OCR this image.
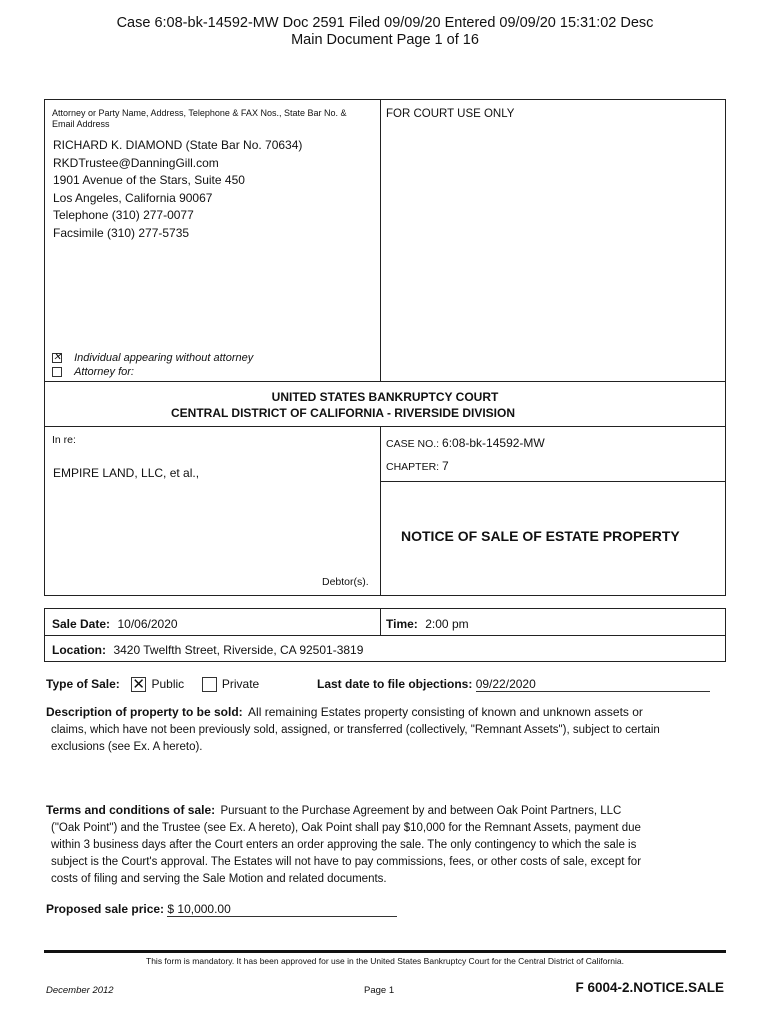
Case 6:08-bk-14592-MW Doc 2591 Filed 09/09/20 Entered 09/09/20 15:31:02 Desc
Main Document Page 1 of 16
Attorney or Party Name, Address, Telephone & FAX Nos., State Bar No. & Email Address
RICHARD K. DIAMOND (State Bar No. 70634)
RKDTrustee@DanningGill.com
1901 Avenue of the Stars, Suite 450
Los Angeles, California 90067
Telephone (310) 277-0077
Facsimile (310) 277-5735
✕ Individual appearing without attorney
Attorney for:
FOR COURT USE ONLY
UNITED STATES BANKRUPTCY COURT
CENTRAL DISTRICT OF CALIFORNIA - RIVERSIDE DIVISION
In re:
EMPIRE LAND, LLC, et al.,
Debtor(s).
CASE NO.: 6:08-bk-14592-MW
CHAPTER: 7
NOTICE OF SALE OF ESTATE PROPERTY
Sale Date: 10/06/2020	Time: 2:00 pm
Location: 3420 Twelfth Street, Riverside, CA 92501-3819
Type of Sale: ✕ Public	Private	Last date to file objections: 09/22/2020
Description of property to be sold: All remaining Estates property consisting of known and unknown assets or
claims, which have not been previously sold, assigned, or transferred (collectively, "Remnant Assets"), subject to certain
exclusions (see Ex. A hereto).
Terms and conditions of sale: Pursuant to the Purchase Agreement by and between Oak Point Partners, LLC
("Oak Point") and the Trustee (see Ex. A hereto), Oak Point shall pay $10,000 for the Remnant Assets, payment due
within 3 business days after the Court enters an order approving the sale. The only contingency to which the sale is
subject is the Court's approval. The Estates will not have to pay commissions, fees, or other costs of sale, except for
costs of filing and serving the Sale Motion and related documents.
Proposed sale price: $ 10,000.00
This form is mandatory. It has been approved for use in the United States Bankruptcy Court for the Central District of California.
December 2012	Page 1	F 6004-2.NOTICE.SALE
